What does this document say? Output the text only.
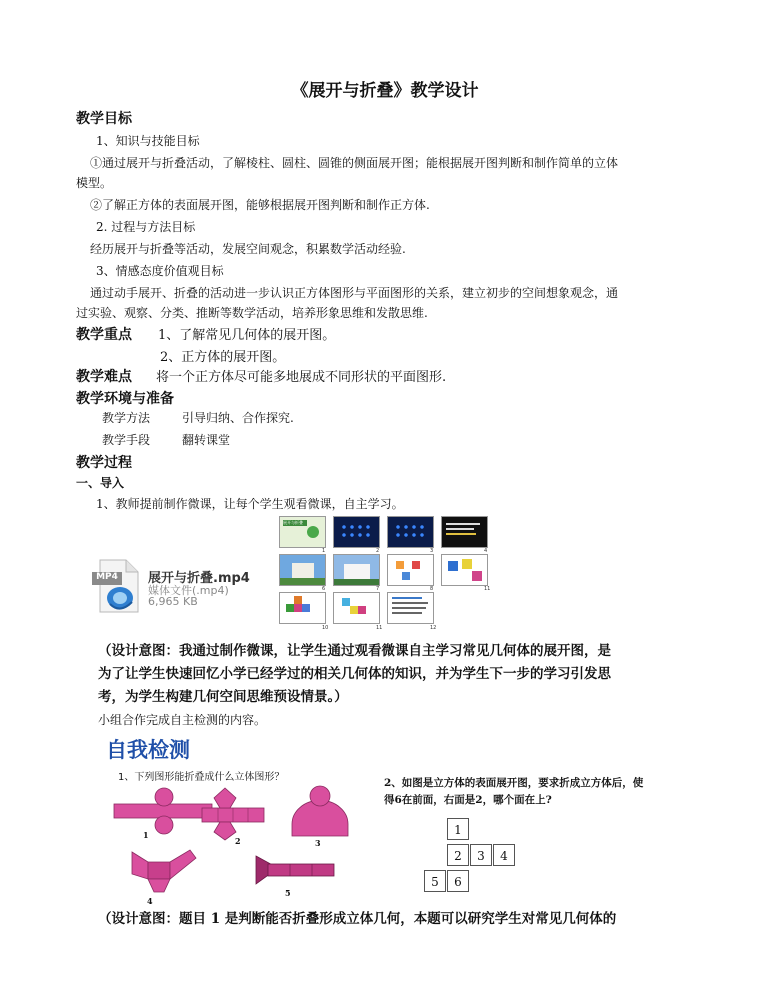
《展开与折叠》教学设计
教学目标
1、知识与技能目标
①通过展开与折叠活动，了解棱柱、圆柱、圆锥的侧面展开图；能根据展开图判断和制作简单的立体
模型。
②了解正方体的表面展开图，能够根据展开图判断和制作正方体.
2. 过程与方法目标
经历展开与折叠等活动，发展空间观念，积累数学活动经验.
3、情感态度价值观目标
通过动手展开、折叠的活动进一步认识正方体图形与平面图形的关系，建立初步的空间想象观念，通
过实验、观察、分类、推断等数学活动，培养形象思维和发散思维.
教学重点 1、了解常见几何体的展开图。
2、正方体的展开图。
教学难点 将一个正方体尽可能多地展成不同形状的平面图形.
教学环境与准备
教学方法	引导归纳、合作探究.
教学手段	翻转课堂
教学过程
一、导入
1、教师提前制作微课，让每个学生观看微课，自主学习。
MP4 展开与折叠.mp4
媒体文件(.mp4)
6,965 KB
展开与折叠
1	2	3	4
6	7	8	11
10	11	12
（设计意图：我通过制作微课，让学生通过观看微课自主学习常见几何体的展开图，是
为了让学生快速回忆小学已经学过的相关几何体的知识，并为学生下一步的学习引发思
考，为学生构建几何空间思维预设情景。）
小组合作完成自主检测的内容。
自我检测
1、下列图形能折叠成什么立体图形？
1
2	3
4
5
2、如图是立方体的表面展开图，要求折成立方体后，使
得6在前面，右面是2，哪个面在上?
1
2	3	4
5	6
（设计意图：题目 1 是判断能否折叠形成立体几何，本题可以研究学生对常见几何体的
